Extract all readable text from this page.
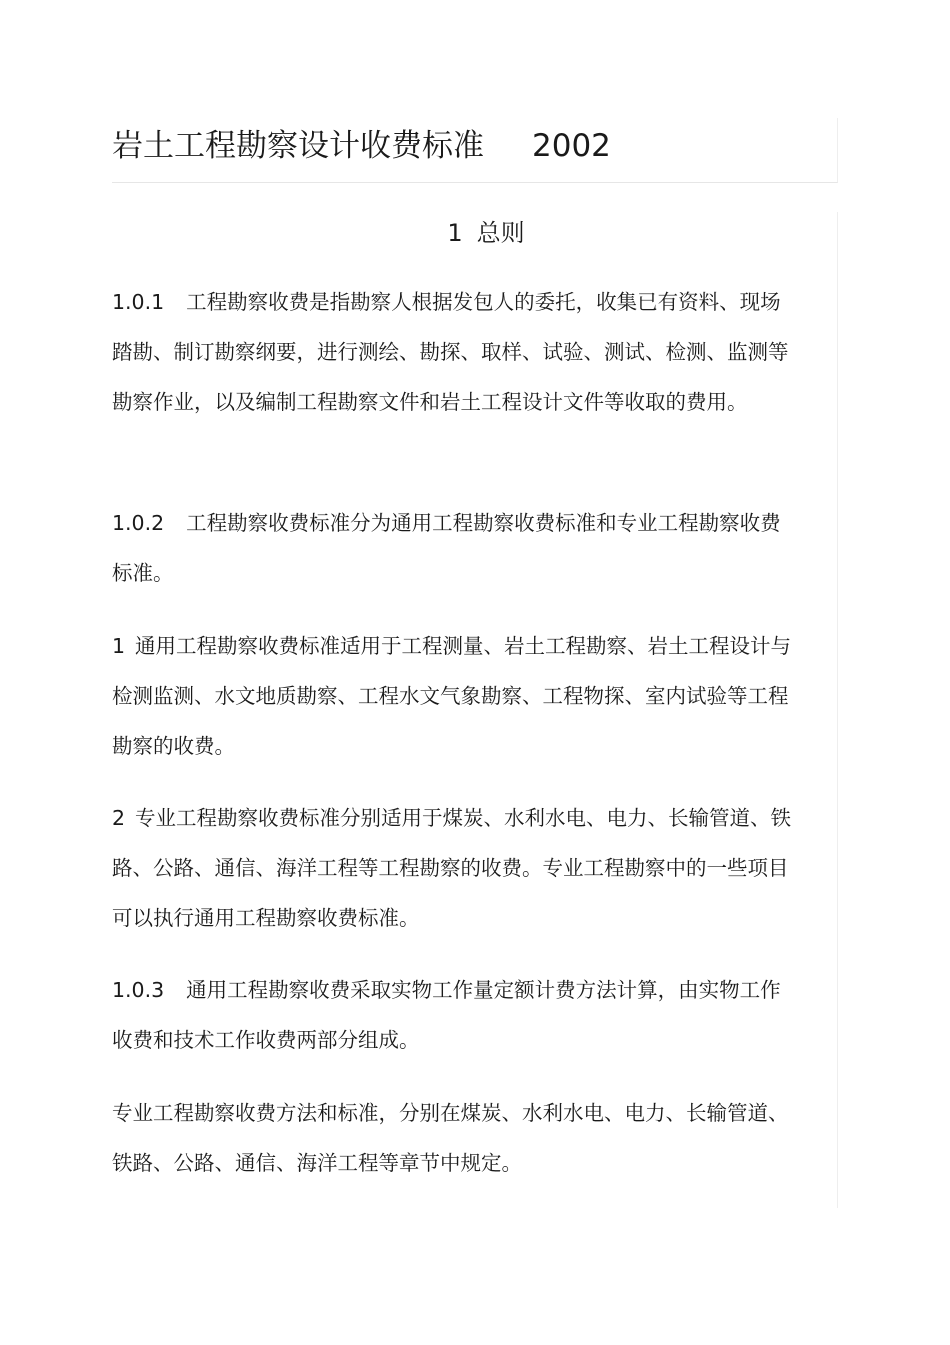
岩土工程勘察设计收费标准 2002
1 总则

1.0.1 工程勘察收费是指勘察人根据发包人的委托，收集已有资料、现场踏勘、制订勘察纲要，进行测绘、勘探、取样、试验、测试、检测、监测等勘察作业，以及编制工程勘察文件和岩土工程设计文件等收取的费用。

1.0.2 工程勘察收费标准分为通用工程勘察收费标准和专业工程勘察收费标准。

1 通用工程勘察收费标准适用于工程测量、岩土工程勘察、岩土工程设计与检测监测、水文地质勘察、工程水文气象勘察、工程物探、室内试验等工程勘察的收费。

2 专业工程勘察收费标准分别适用于煤炭、水利水电、电力、长输管道、铁路、公路、通信、海洋工程等工程勘察的收费。专业工程勘察中的一些项目可以执行通用工程勘察收费标准。

1.0.3 通用工程勘察收费采取实物工作量定额计费方法计算，由实物工作收费和技术工作收费两部分组成。

专业工程勘察收费方法和标准，分别在煤炭、水利水电、电力、长输管道、铁路、公路、通信、海洋工程等章节中规定。
